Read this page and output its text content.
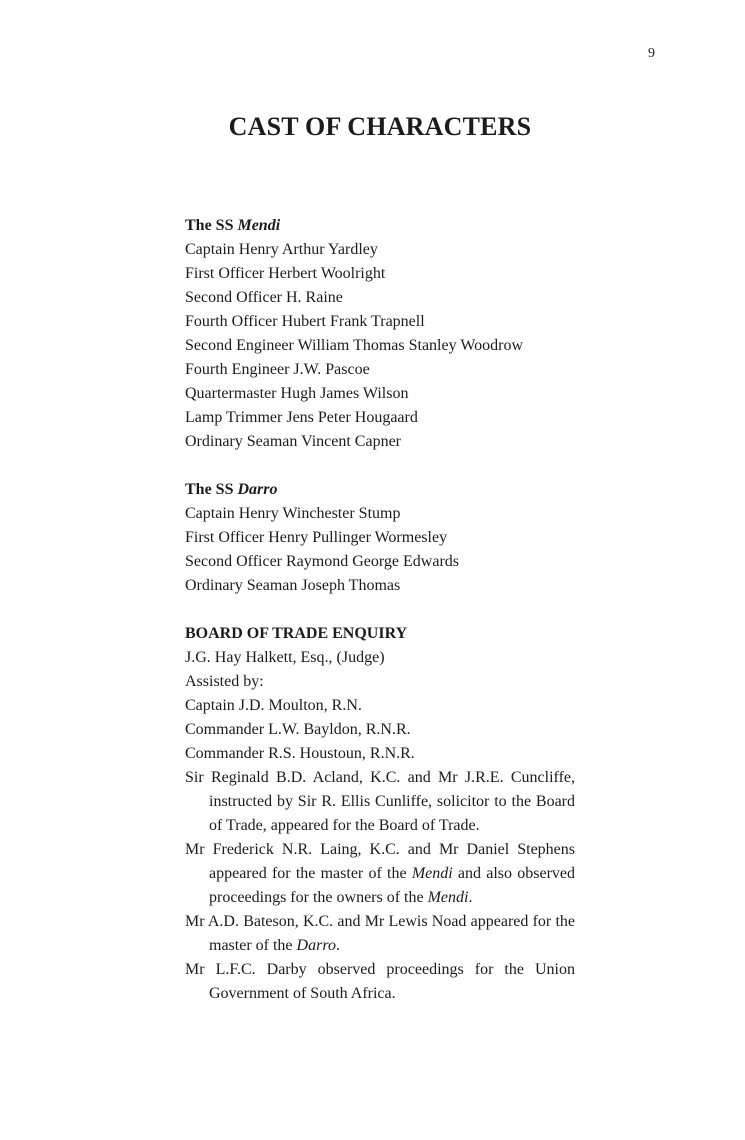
9
CAST OF CHARACTERS

The SS Mendi

Captain Henry Arthur Yardley
First Officer Herbert Woolright
Second Officer H. Raine
Fourth Officer Hubert Frank Trapnell
Second Engineer William Thomas Stanley Woodrow
Fourth Engineer J.W. Pascoe
Quartermaster Hugh James Wilson
Lamp Trimmer Jens Peter Hougaard
Ordinary Seaman Vincent Capner

The SS Darro

Captain Henry Winchester Stump
First Officer Henry Pullinger Wormesley
Second Officer Raymond George Edwards
Ordinary Seaman Joseph Thomas

BOARD OF TRADE ENQUIRY

J.G. Hay Halkett, Esq., (Judge)
Assisted by:
Captain J.D. Moulton, R.N.
Commander L.W. Bayldon, R.N.R.
Commander R.S. Houstoun, R.N.R.
Sir Reginald B.D. Acland, K.C. and Mr J.R.E. Cuncliffe, instructed by Sir R. Ellis Cunliffe, solicitor to the Board of Trade, appeared for the Board of Trade.
Mr Frederick N.R. Laing, K.C. and Mr Daniel Stephens appeared for the master of the Mendi and also observed proceedings for the owners of the Mendi.
Mr A.D. Bateson, K.C. and Mr Lewis Noad appeared for the master of the Darro.
Mr L.F.C. Darby observed proceedings for the Union Government of South Africa.
